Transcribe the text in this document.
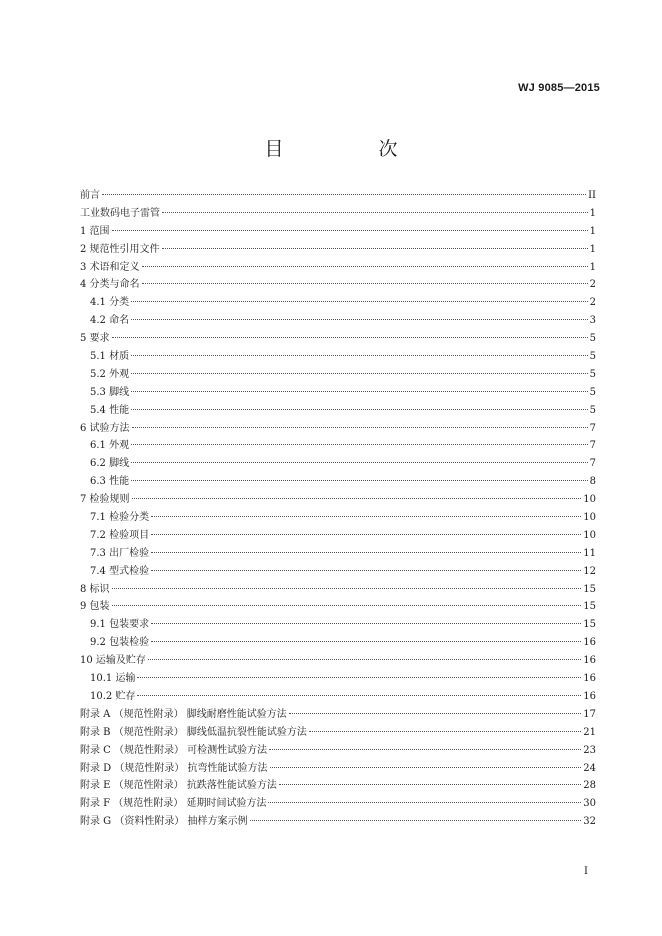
WJ 9085—2015
目　次
前言	II
工业数码电子雷管	1
1 范围	1
2 规范性引用文件	1
3 术语和定义	1
4 分类与命名	2
4.1 分类	2
4.2 命名	3
5 要求	5
5.1 材质	5
5.2 外观	5
5.3 脚线	5
5.4 性能	5
6 试验方法	7
6.1 外观	7
6.2 脚线	7
6.3 性能	8
7 检验规则	10
7.1 检验分类	10
7.2 检验项目	10
7.3 出厂检验	11
7.4 型式检验	12
8 标识	15
9 包装	15
9.1 包装要求	15
9.2 包装检验	16
10 运输及贮存	16
10.1 运输	16
10.2 贮存	16
附录 A （规范性附录） 脚线耐磨性能试验方法	17
附录 B （规范性附录） 脚线低温抗裂性能试验方法	21
附录 C （规范性附录） 可检测性试验方法	23
附录 D （规范性附录） 抗弯性能试验方法	24
附录 E （规范性附录） 抗跌落性能试验方法	28
附录 F （规范性附录） 延期时间试验方法	30
附录 G （资料性附录） 抽样方案示例	32
I
